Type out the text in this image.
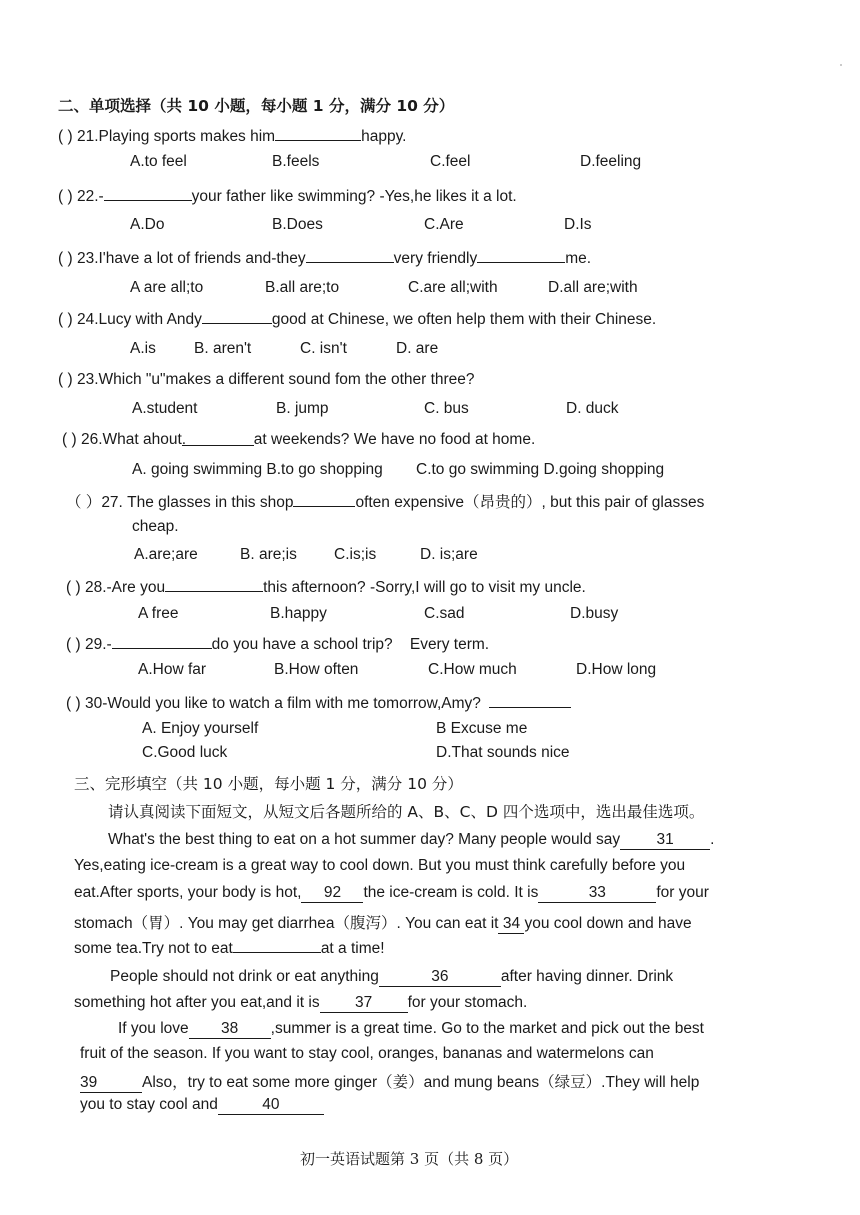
二、单项选择（共 10 小题，每小题 1 分，满分 10 分）
( ) 21.Playing sports makes him	happy.
A.to feel	B.feels	C.feel	D.feeling
( ) 22.-	your father like swimming? -Yes,he likes it a lot.
A.Do	B.Does	C.Are	D.Is
( ) 23.I'have a lot of friends and-they	very friendly	me.
A are all;to	B.all are;to	C.are all;with	D.all are;with
( ) 24.Lucy with Andy	good at Chinese, we often help them with their Chinese.
A.is B. aren't	C. isn't	D. are
( ) 23.Which "u"makes a different sound fom the other three?
A.student	B. jump	C. bus	D. duck
( ) 26.What ahout.	at weekends? We have no food at home.
A. going swimming B.to go shopping C.to go swimming D.going shopping
（ ）27. The glasses in this shop	often expensive（昂贵的）, but this pair of glasses
cheap.
A.are;are	B. are;is C.is;is	D. is;are
( ) 28.-Are you	this afternoon? -Sorry,I will go to visit my uncle.
A free	B.happy	C.sad	D.busy
( ) 29.-	do you have a school trip?    Every term.
A.How far	B.How often	C.How much	D.How long
( ) 30-Would you like to watch a film with me tomorrow,Amy?
A. Enjoy yourself	B Excuse me
C.Good luck	D.That sounds nice
三、完形填空（共 10 小题，每小题 1 分，满分 10 分）
请认真阅读下面短文，从短文后各题所给的 A、B、C、D 四个选项中，选出最佳选项。
What's the best thing to eat on a hot summer day? Many people would say 31 .
Yes,eating ice-cream is a great way to cool down. But you must think carefully before you
eat.After sports, your body is hot, 92 the ice-cream is cold. It is	33	for your
stomach（胃）. You may get diarrhea（腹泻）. You can eat it 34 you cool down and have
some tea.Try not to eat	at a time!
People should not drink or eat anything	36	after having dinner. Drink
something hot after you eat,and it is 37 for your stomach.
If you love 38 ,summer is a great time. Go to the market and pick out the best
fruit of the season. If you want to stay cool, oranges, bananas and watermelons can
39	Also，try to eat some more ginger（姜）and mung beans（绿豆）.They will help
you to stay cool and	40
初一英语试题第 3 页（共 8 页）
